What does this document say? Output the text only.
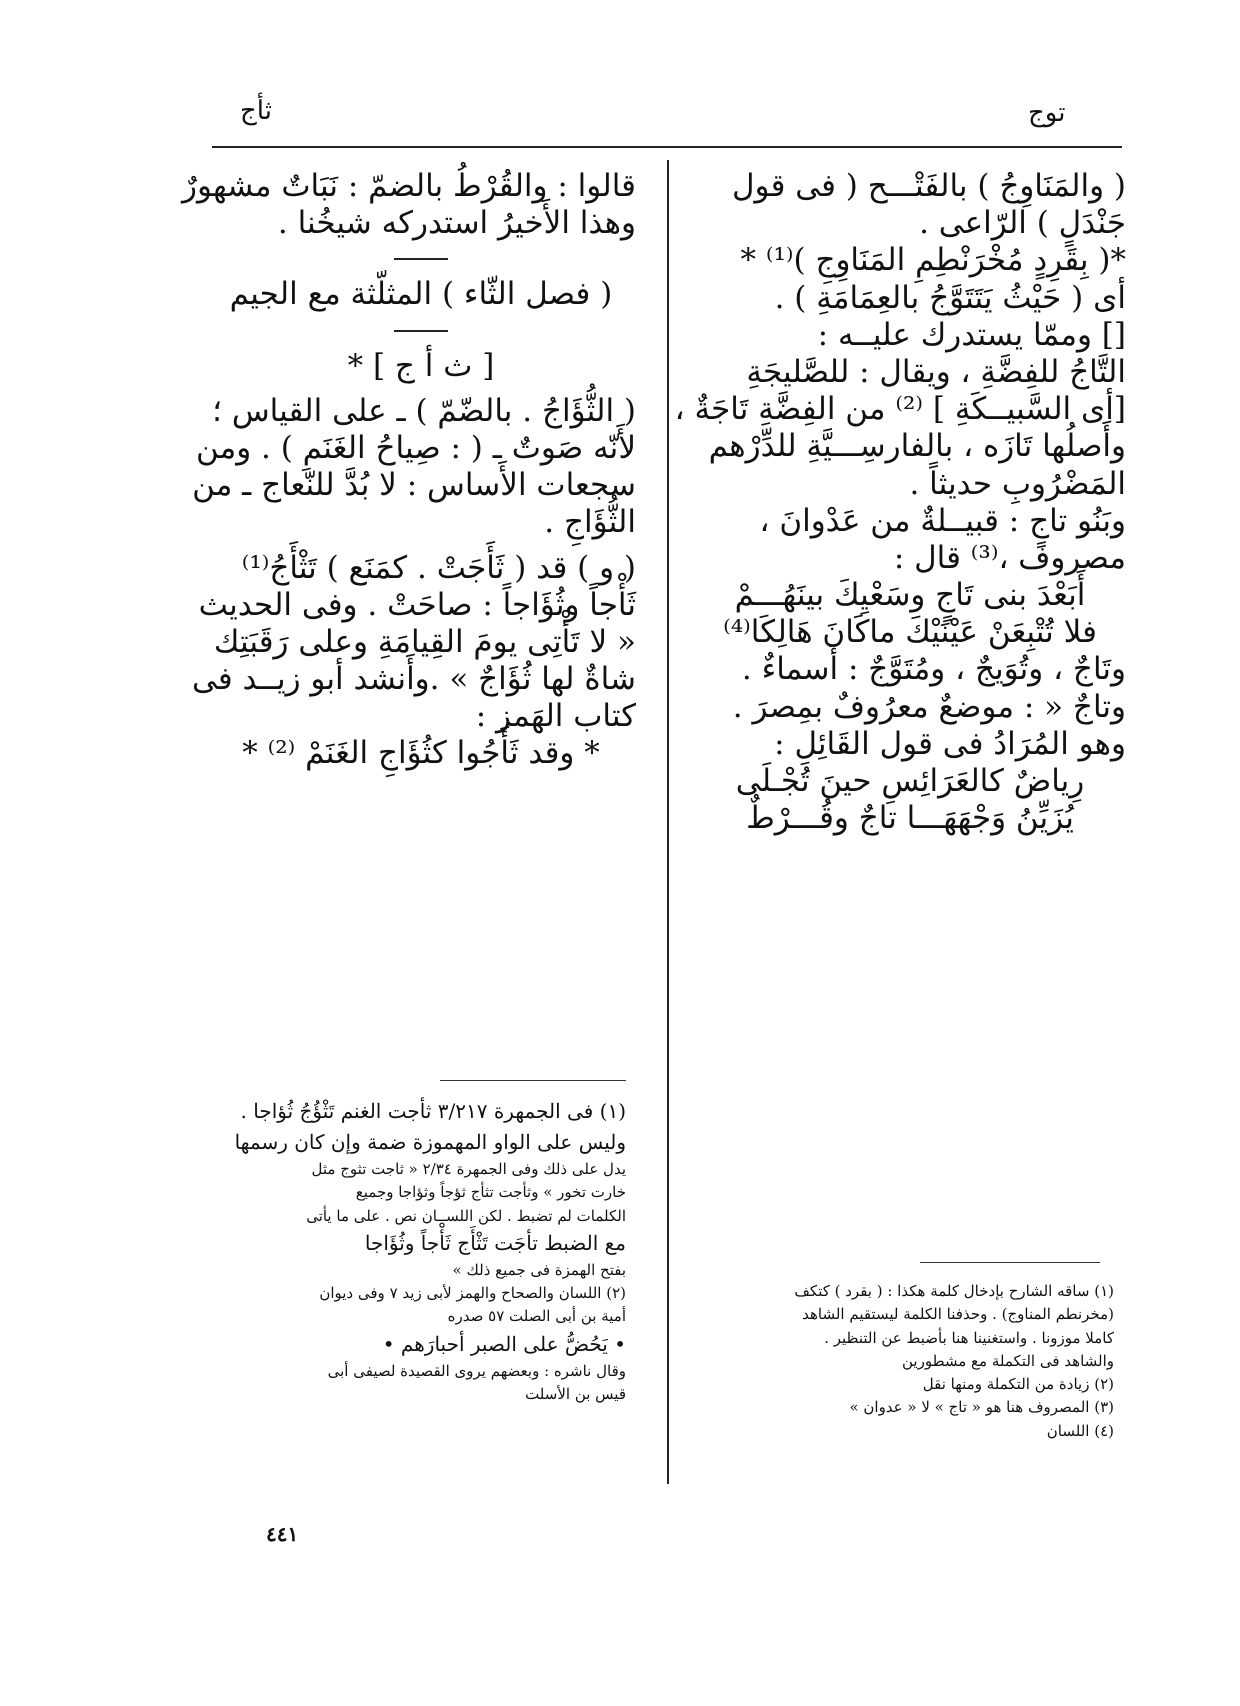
ثأج	توج

( والمَنَاوِجُ ) بالفَتْـــح ( فى قول

جَنْدَلٍ ) الرّاعى .

*( بِقَرِدٍ مُخْرَنْطِمِ المَنَاوِجِ )⁽¹⁾ *

أى ( حَيْثُ يَتَتَوَّجُ بالعِمَامَةِ ) .

[] وممّا يستدرك عليــه :

التَّاجُ للفِضَّةِ ، ويقال : للصَّليجَةِ

[أى السَّبيــكَةِ ] ⁽²⁾ من الفِضَّةِ تَاجَةٌ ،

وأَصلُها تَازَه ، بالفارسِـــيَّةِ للدِّرْهم

المَضْرُوبِ حديثاً .

وبَنُو تاجٍ : قبيــلةٌ من عَدْوانَ ،

مصروف ،⁽³⁾ قال :

أَبَعْدَ بنى تَاجٍ وسَعْيِكَ بينَهُـــمْ

فلا تُتْبِعَنْ عَيْنَيْكَ ماكَانَ هَالِكَا⁽⁴⁾

وتَاجٌ ، وتُوَيجٌ ، ومُتَوَّجٌ : أَسماءٌ .

وتاجٌ « : موضعٌ معرُوفٌ بمِصرَ .

وهو المُرَادُ فى قول القَائِلِ :

رِياضٌ كالعَرَائِسِ حينَ تُجْـلَى

يُزَيِّنُ وَجْهَهَـــا تاجٌ وقُـــرْطٌ

قالوا : والقُرْطُ بالضمّ : نَبَاتٌ مشهورٌ

وهذا الأَخيرُ استدركه شيخُنا .

( فصل الثّاء ) المثلّثة مع الجيم

[ ث أ ج ] *

( الثُّؤَاجُ . بالضّمّ ) ـ على القياس ؛

لأَنّه صَوتٌ ـ ( : صِياحُ الغَنَمِ ) . ومن

سجعات الأَساس : لا بُدَّ للنّعاج ـ من

الثُّؤَاجِ .

( و ) قد ( ثَأَجَتْ . كمَنَع ) تَثْأَجُ⁽¹⁾

ثَأْجاً وثُؤَاجاً : صاحَتْ . وفى الحديث

« لا تَأْتِى يومَ القِيامَةِ وعلى رَقَبَتِك

شاةٌ لها ثُؤَاجٌ » .وأَنشد أبو زيــد فى

كتاب الهَمز :

* وقد ثَأَجُوا كثُؤَاجِ الغَنَمْ ⁽²⁾ *

(١) فى الجمهرة ٣/٢١٧ ثأجت الغنم تَثْؤُجُ ثُؤاجا .

وليس على الواو المهموزة ضمة وإن كان رسمها

يدل على ذلك وفى الجمهرة ٢/٣٤ « ثاجت تثوج مثل

خارت تخور » وثأجت تثأج ثؤجاً وثؤاجا وجميع

الكلمات لم تضبط . لكن اللســان نص . على ما يأتى

مع الضبط تأجَت تَثْأَج ثَأْجاً وثُؤَاجا

بفتح الهمزة فى جميع ذلك »

(٢) اللسان والصحاح والهمز لأبى زيد ٧ وفى ديوان

أمية بن أبى الصلت ٥٧ صدره

• يَحُضُّ على الصبر أحبارَهم •

وقال ناشره : وبعضهم يروى القصيدة لصيفى أبى

قيس بن الأسلت

(١) ساقه الشارح بإدخال كلمة هكذا : ( بقرد ) كتكف

(مخرنطم المناوج) . وحذفنا الكلمة ليستقيم الشاهد

كاملا موزونا . واستغنينا هنا بأضبط عن التنظير .

والشاهد فى التكملة مع مشطورين

(٢) زيادة من التكملة ومنها نقل

(٣) المصروف هنا هو « تاج » لا « عدوان »

(٤) اللسان

٤٤١
